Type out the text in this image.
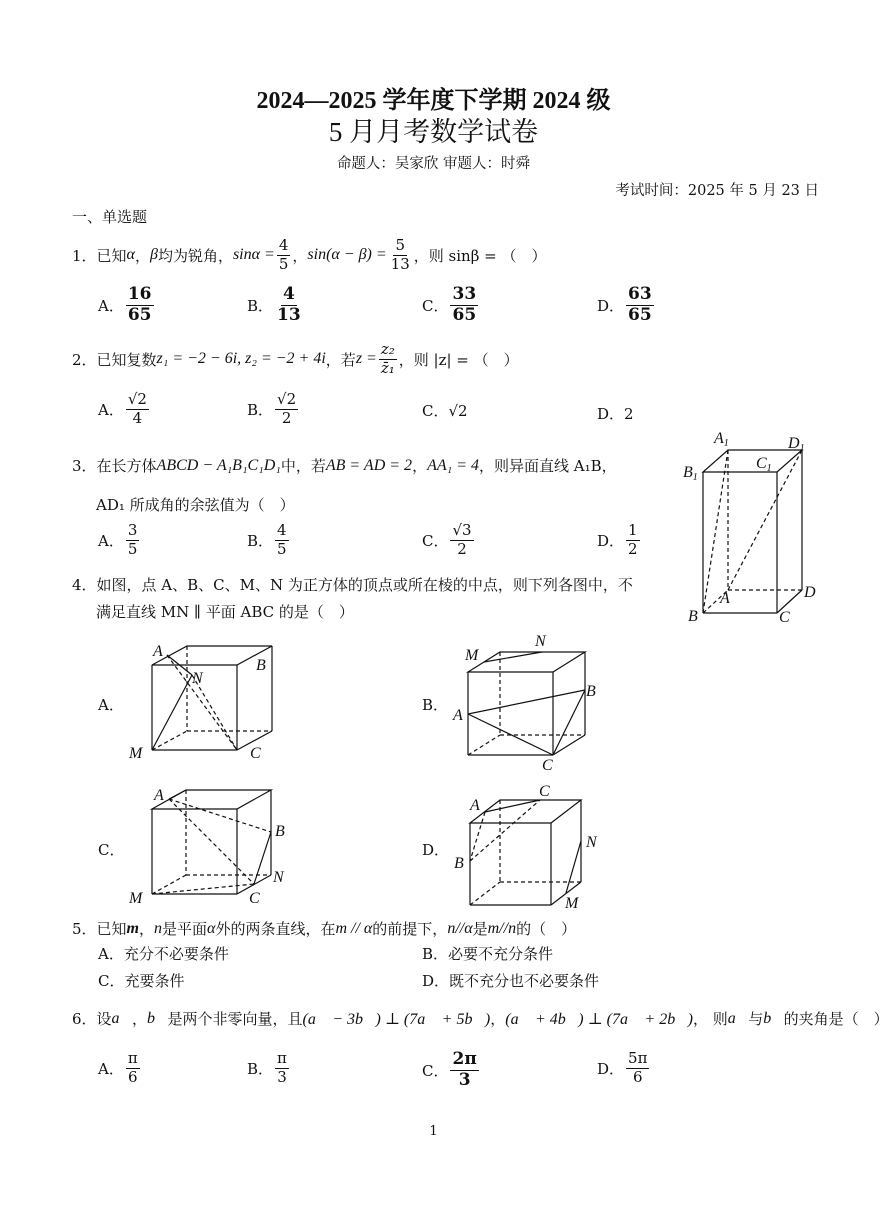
2024—2025 学年度下学期 2024 级
5 月月考数学试卷
命题人：吴家欣 审题人：时舜
考试时间：2025 年 5 月 23 日
一、单选题
1．已知 α ， β 均为锐角， $\sin\alpha = \frac{4}{5}$ ， $\sin(\alpha - \beta) = \frac{5}{13}$ ，则 sinβ = （　）
A． $\frac{16}{65}$	B． $\frac{4}{13}$	C． $\frac{33}{65}$	D． $\frac{63}{65}$
2．已知复数 z₁ = −2 − 6i, z₂ = −2 + 4i ，若 $z = \frac{\text{z₂}}{\text{z̄₁}}$ ，则 |z| = （　）
A． $\frac{√2}{4}$	B． $\frac{√2}{2}$	C．√2	D．2
3．在长方体 ABCD − A₁B₁C₁D₁ 中，若 AB = AD = 2 ， AA₁ = 4 ，则异面直线 A₁B，
AD₁ 所成角的余弦值为（　）
A． $\frac{3}{5}$	B． $\frac{4}{5}$	C． $\frac{√3}{2}$	D． $\frac{1}{2}$
A1	D1
B1
C1
A	D
B	C
4．如图，点 A、B、C、M、N 为正方体的顶点或所在棱的中点，则下列各图中，不
满足直线 MN ∥ 平面 ABC 的是（　）
A．	B．
C．	D．
A
N
B
M	C
M
N
A
B
C
A
B
N
M	C
A
C
B
N
M
5．已知 m ， n 是平面 α 外的两条直线，在 m // α 的前提下， n//α 是 m//n 的（　）
A．充分不必要条件	B．必要不充分条件
C．充要条件	D．既不充分也不必要条件
6．设 a⃗ ， b⃗ 是两个非零向量，且 (a⃗ − 3b⃗) ⊥ (7a⃗ + 5b⃗) ， (a⃗ + 4b⃗) ⊥ (7a⃗ + 2b⃗) ， 则 a⃗ 与 b⃗ 的夹角是（　）
A． $\frac{\pi}{6}$	B． $\frac{\pi}{3}$	C． $\frac{2\pi}{3}$	D． $\frac{5\pi}{6}$
1
